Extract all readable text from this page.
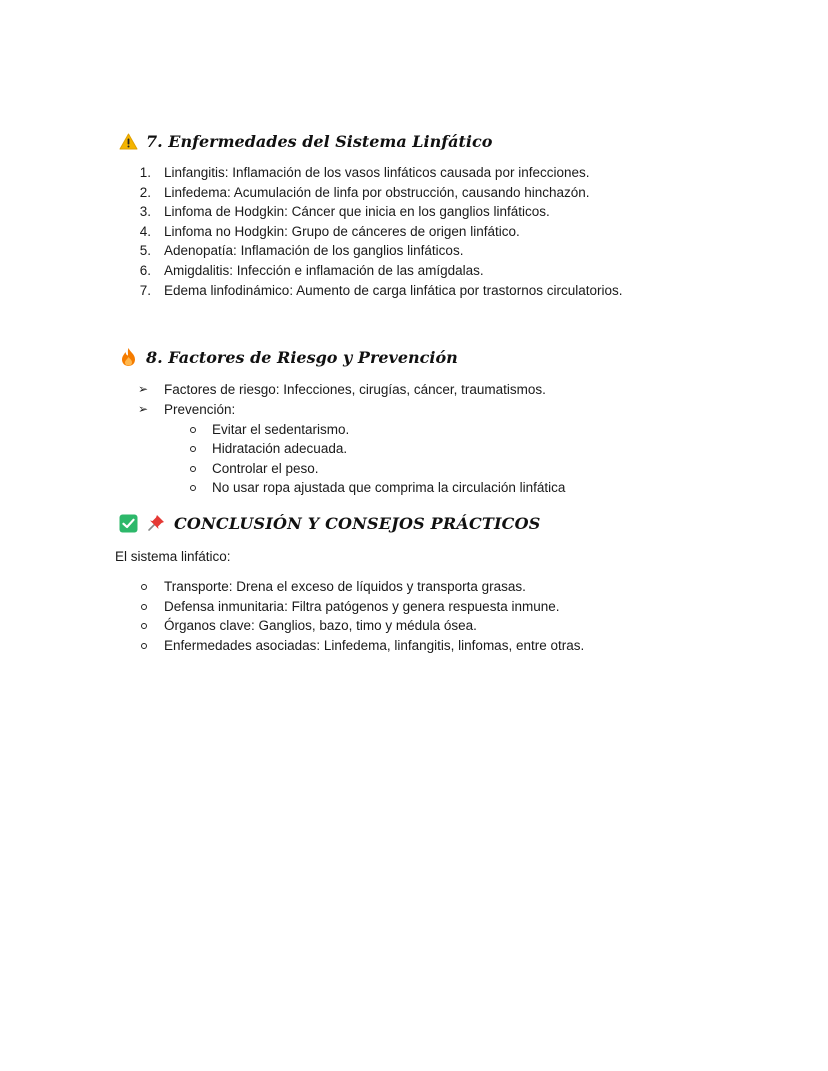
7. Enfermedades del Sistema Linfático
1. Linfangitis: Inflamación de los vasos linfáticos causada por infecciones.
2. Linfedema: Acumulación de linfa por obstrucción, causando hinchazón.
3. Linfoma de Hodgkin: Cáncer que inicia en los ganglios linfáticos.
4. Linfoma no Hodgkin: Grupo de cánceres de origen linfático.
5. Adenopatía: Inflamación de los ganglios linfáticos.
6. Amigdalitis: Infección e inflamación de las amígdalas.
7. Edema linfodinámico: Aumento de carga linfática por trastornos circulatorios.
8. Factores de Riesgo y Prevención
➢ Factores de riesgo: Infecciones, cirugías, cáncer, traumatismos.
➢ Prevención:
Evitar el sedentarismo.
Hidratación adecuada.
Controlar el peso.
No usar ropa ajustada que comprima la circulación linfática
CONCLUSIÓN Y CONSEJOS PRÁCTICOS
El sistema linfático:
Transporte: Drena el exceso de líquidos y transporta grasas.
Defensa inmunitaria: Filtra patógenos y genera respuesta inmune.
Órganos clave: Ganglios, bazo, timo y médula ósea.
Enfermedades asociadas: Linfedema, linfangitis, linfomas, entre otras.
